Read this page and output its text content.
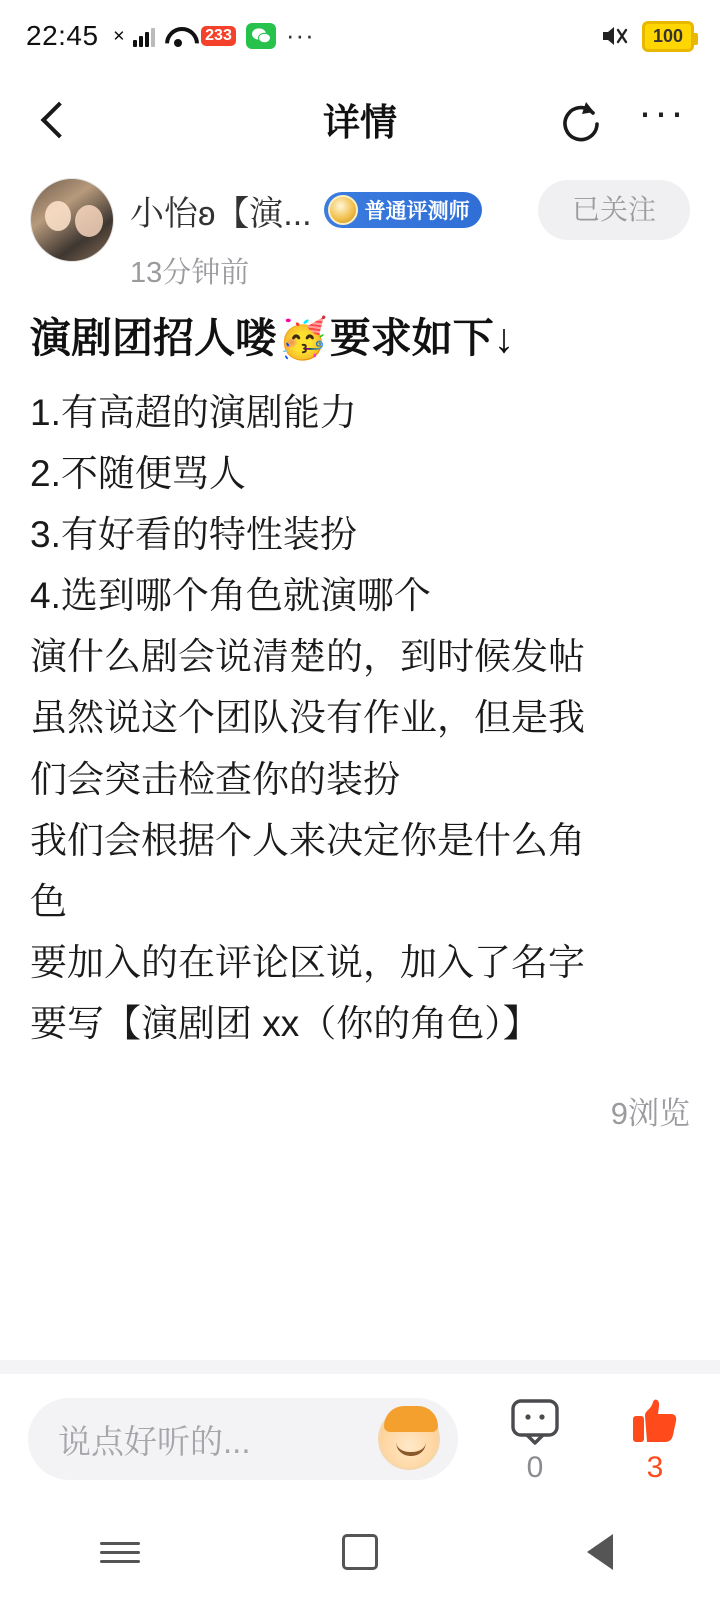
22:45 ✕	233 ···	100
详情	···
小怡ʚ【演...	普通评测师	已关注
13分钟前
演剧团招人喽 🥳 要求如下↓
1.有高超的演剧能力
2.不随便骂人
3.有好看的特性装扮
4.选到哪个角色就演哪个
演什么剧会说清楚的，到时候发帖
虽然说这个团队没有作业，但是我
们会突击检查你的装扮
我们会根据个人来决定你是什么角
色
要加入的在评论区说，加入了名字
要写【演剧团 xx（你的角色）】
9浏览
说点好听的...
0	3
